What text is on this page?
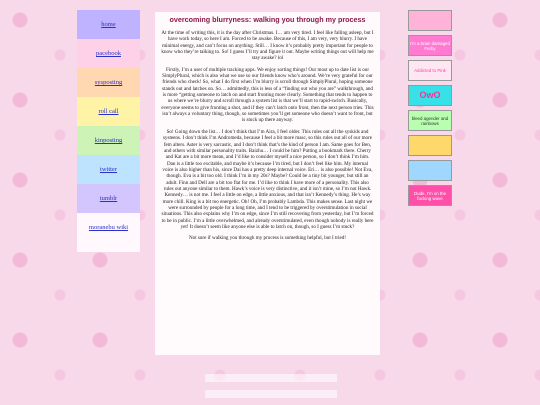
home
pacebook
sysposting
roll call
kinposting
twitter
tumblr
moranebu wiki
overcoming blurryness: walking you through my process

At the time of writing this, it is the day after Christmas. I… am very tired. I feel like falling asleep, but I have work today, so here I am. Forced to be awake. Because of this, I am very, very blurry. I have minimal energy, and can’t focus on anything. Still… I know it’s probably pretty important for people to know who they’re talking to. So! I guess I’ll try and figure it out. Maybe writing things out will help me stay awake? lol

Firstly, I’m a user of multiple tracking apps. We enjoy sorting things! Our most up to date list is our SimplyPlural, which is also what we use so our friends know who’s around. We’re very grateful for our friends who check! So, what I do first when I’m blurry is scroll through SimplyPlural, hoping someone stands out and latches on. So… admittedly, this is less of a “finding out who you are” walkthrough, and is more “getting someone to latch on and start fronting more clearly. Something that tends to happen to us where we’re blurry and scroll through a system list is that we’ll start to rapid-switch. Basically, everyone seems to give fronting a shot, and if they can’t latch onto front, then the next person tries. This isn’t always a voluntary thing, though, so sometimes you’ll get someone who doesn’t want to front, but is stuck up there anyway.

So! Going down the list… I don’t think that I’m Aira, I feel older. This rules out all the syskids and systeens. I don’t think I’m Andromeda, because I feel a bit more masc, so this rules out all of our more fem alters. Aster is very sarcastic, and I don’t think that’s the kind of person I am. Same goes for Ben, and others with similar personality traits. Baizhu… I could be him? Putting a bookmark there. Cherry and Kat are a bit more mean, and I’d like to consider myself a nice person, so I don’t think I’m him. Dan is a little too excitable, and maybe it’s because I’m tired, but I don’t feel like him. My internal voice is also higher than his, since Dai has a pretty deep internal voice. Eri… is also possible! Not Eva, though. Eva is a bit too old. I think I’m in my 20s? Maybe? Could be a tiny bit younger, but still an adult. Finn and Dell are a bit too flat for me. I’d like to think I have more of a personality. This also rules out anyone similar to them. Hawk’s voice is very distinctive, and it isn’t mine, so I’m not Hawk. Kennedy… is not me. I feel a little on edge, a little anxious, and that isn’t Kennedy’s thing. He’s way more chill. King is a bit too energetic. Oh! Oh, I’m probably Lambda. This makes sense. Last night we were surrounded by people for a long time, and I tend to be triggered by overstimulation in social situations. This also explains why I’m on edge, since I’m still recovering from yesterday, but I’m forced to be in public. I’m a little overwhelmed, and already overstimulated, even though nobody is really here yet! It doesn’t seem like anyone else is able to latch on, though, so I guess I’m stuck?

Not sure if walking you through my process is something helpful, but I tried!

I'm a brain damaged Furby
Addicted to Pink
OwO
bleed agender and rainbows
Dude, I'm on the fucking wave
